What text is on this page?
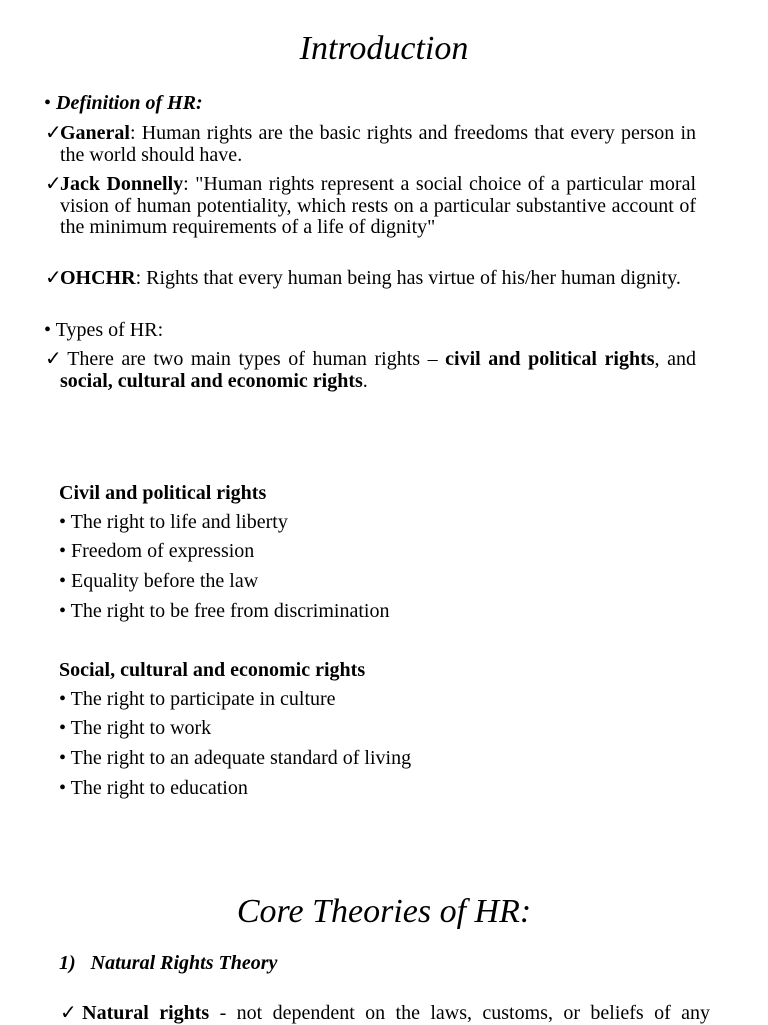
Introduction
• Definition of HR:
✓Ganeral: Human rights are the basic rights and freedoms that every person in the world should have.
✓Jack Donnelly: "Human rights represent a social choice of a particular moral vision of human potentiality, which rests on a particular substantive account of the minimum requirements of a life of dignity"
✓OHCHR: Rights that every human being has virtue of his/her human dignity.
• Types of HR:
✓ There are two main types of human rights – civil and political rights, and social, cultural and economic rights.
Civil and political rights
• The right to life and liberty
• Freedom of expression
• Equality before the law
• The right to be free from discrimination
Social, cultural and economic rights
• The right to participate in culture
• The right to work
• The right to an adequate standard of living
• The right to education
Core Theories of HR:
1)   Natural Rights Theory
✓Natural rights - not dependent on the laws, customs, or beliefs of any
